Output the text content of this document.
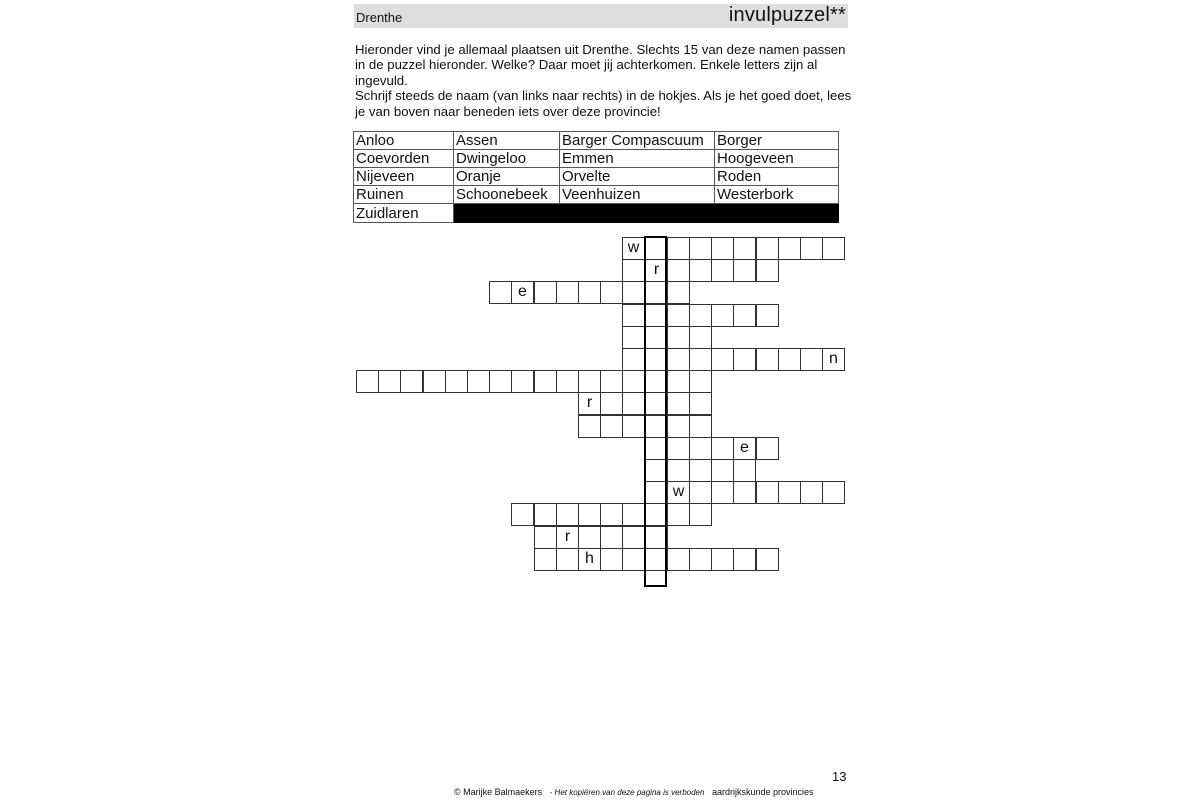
Drenthe	invulpuzzel**

Hieronder vind je allemaal plaatsen uit Drenthe. Slechts 15 van deze namen passen in de puzzel hieronder. Welke? Daar moet jij achterkomen. Enkele letters zijn al ingevuld.

Schrijf steeds de naam (van links naar rechts) in de hokjes. Als je het goed doet, lees je van boven naar beneden iets over deze provincie!

Anloo	Assen	Barger Compascuum	Borger
Coevorden	Dwingeloo	Emmen	Hoogeveen
Nijeveen	Oranje	Orvelte	Roden
Ruinen	Schoonebeek	Veenhuizen	Westerbork
Zuidlaren			
w
r
e
n
r
e
w
r
h
13
© Marijke Balmaekers - Het kopiëren van deze pagina is verboden aardrijkskunde provincies
